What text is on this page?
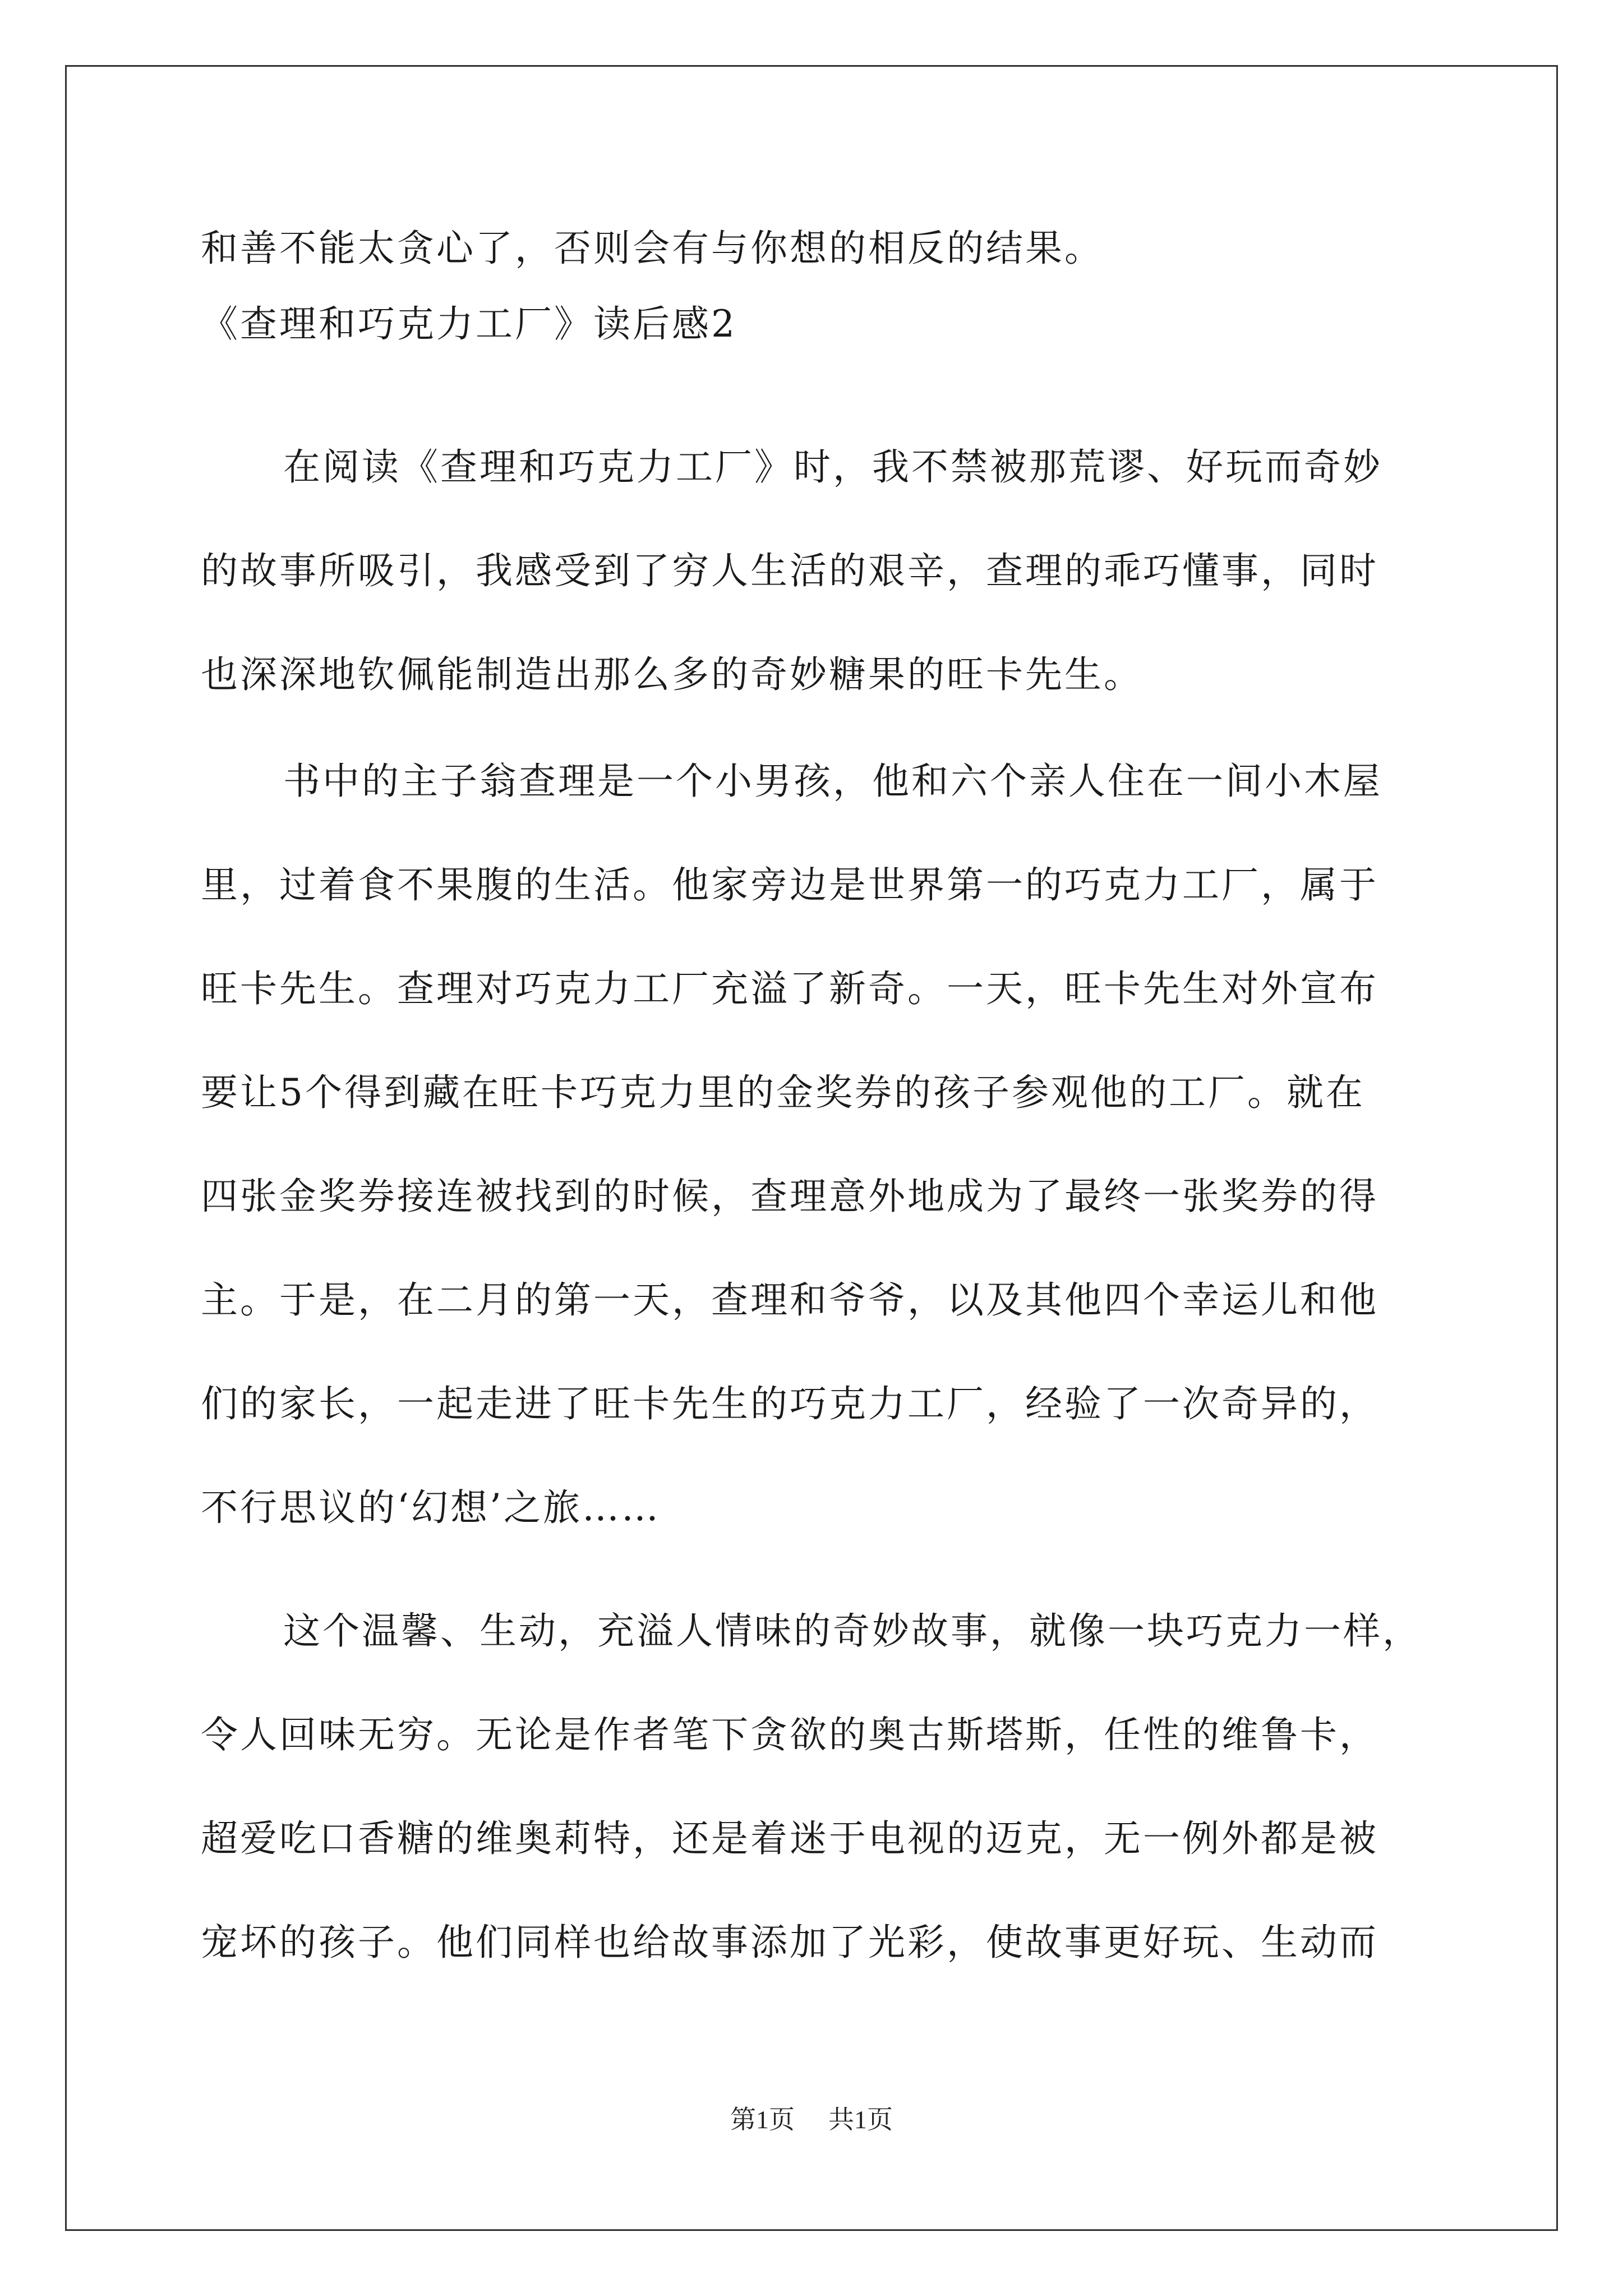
和善不能太贪心了，否则会有与你想的相反的结果。
《查理和巧克力工厂》读后感2
在阅读《查理和巧克力工厂》时，我不禁被那荒谬、好玩而奇妙
的故事所吸引，我感受到了穷人生活的艰辛，查理的乖巧懂事，同时
也深深地钦佩能制造出那么多的奇妙糖果的旺卡先生。
书中的主子翁查理是一个小男孩，他和六个亲人住在一间小木屋
里，过着食不果腹的生活。他家旁边是世界第一的巧克力工厂，属于
旺卡先生。查理对巧克力工厂充溢了新奇。一天，旺卡先生对外宣布
要让5个得到藏在旺卡巧克力里的金奖券的孩子参观他的工厂。就在
四张金奖券接连被找到的时候，查理意外地成为了最终一张奖券的得
主。于是，在二月的第一天，查理和爷爷，以及其他四个幸运儿和他
们的家长，一起走进了旺卡先生的巧克力工厂，经验了一次奇异的，
不行思议的‘幻想’之旅……
这个温馨、生动，充溢人情味的奇妙故事，就像一块巧克力一样，
令人回味无穷。无论是作者笔下贪欲的奥古斯塔斯，任性的维鲁卡，
超爱吃口香糖的维奥莉特，还是着迷于电视的迈克，无一例外都是被
宠坏的孩子。他们同样也给故事添加了光彩，使故事更好玩、生动而
第1页 共1页
